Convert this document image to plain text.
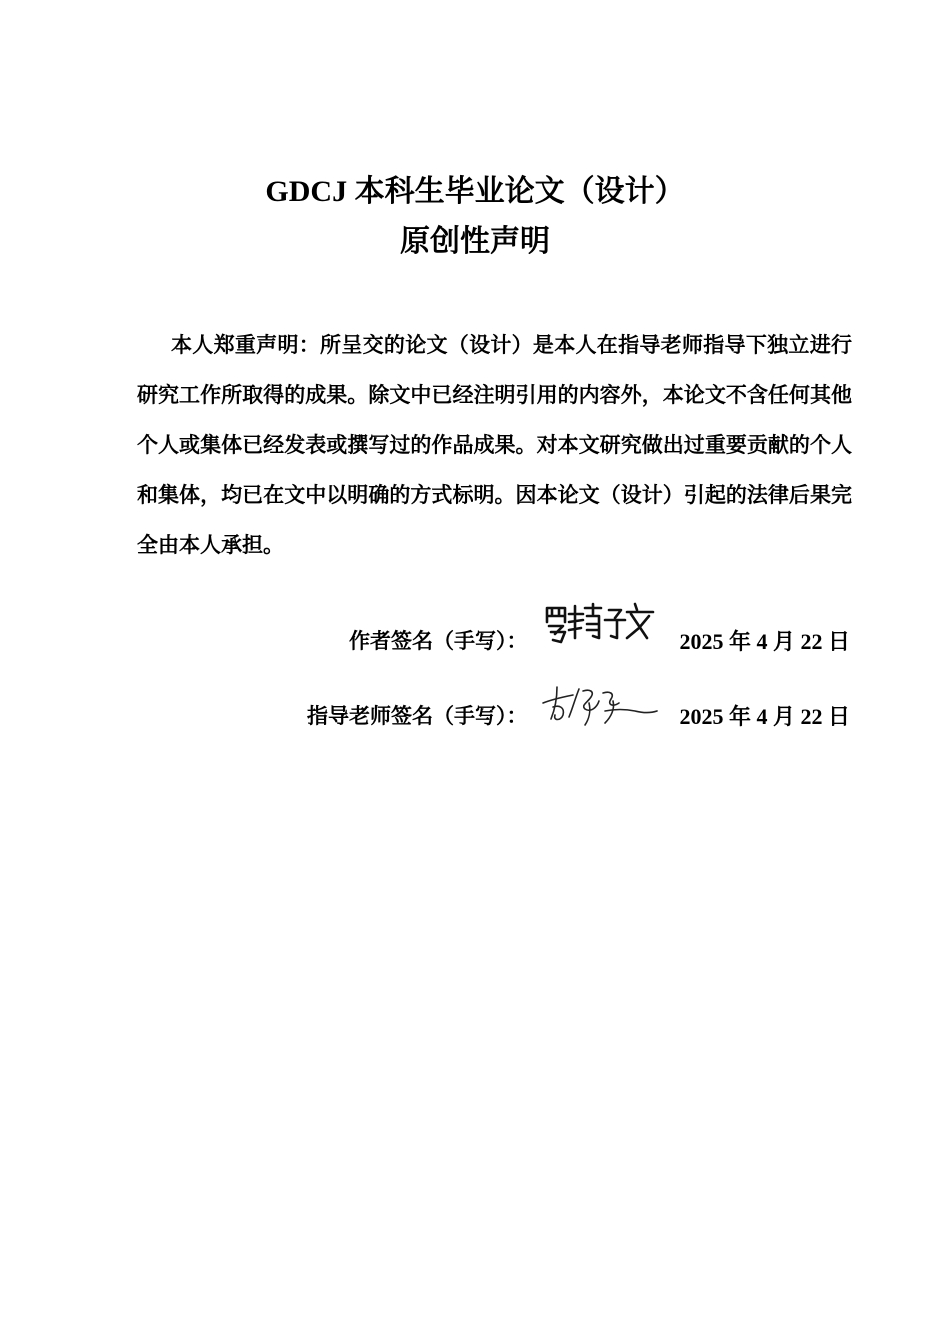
GDCJ 本科生毕业论文（设计）
原创性声明

本人郑重声明：所呈交的论文（设计）是本人在指导老师指导下独立进行研究工作所取得的成果。除文中已经注明引用的内容外，本论文不含任何其他个人或集体已经发表或撰写过的作品成果。对本文研究做出过重要贡献的个人和集体，均已在文中以明确的方式标明。因本论文（设计）引起的法律后果完全由本人承担。

作者签名（手写）：	2025 年 4 月 22 日
指导老师签名（手写）：	2025 年 4 月 22 日
